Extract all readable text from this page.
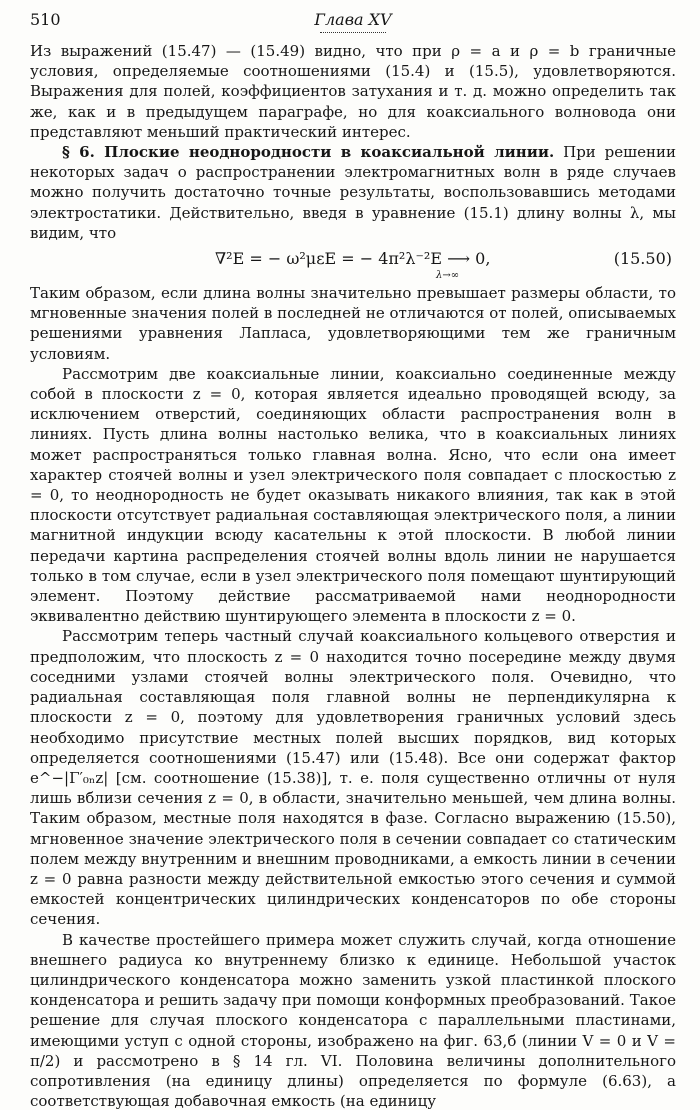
510	Глава XV

Из выражений (15.47) — (15.49) видно, что при ρ = a и ρ = b граничные условия, определяемые соотношениями (15.4) и (15.5), удовлетворяются. Выражения для полей, коэффициентов затухания и т. д. можно определить так же, как и в предыдущем параграфе, но для коаксиального волновода они представляют меньший практический интерес.

§ 6. Плоские неоднородности в коаксиальной линии. При решении некоторых задач о распространении электромагнитных волн в ряде случаев можно получить достаточно точные результаты, воспользовавшись методами электростатики. Действительно, введя в уравнение (15.1) длину волны λ, мы видим, что

∇²E = − ω²μεE = − 4π²λ⁻²E ⟶ 0,
λ→∞
(15.50)

Таким образом, если длина волны значительно превышает размеры области, то мгновенные значения полей в последней не отличаются от полей, описываемых решениями уравнения Лапласа, удовлетворяющими тем же граничным условиям.

Рассмотрим две коаксиальные линии, коаксиально соединенные между собой в плоскости z = 0, которая является идеально проводящей всюду, за исключением отверстий, соединяющих области распространения волн в линиях. Пусть длина волны настолько велика, что в коаксиальных линиях может распространяться только главная волна. Ясно, что если она имеет характер стоячей волны и узел электрического поля совпадает с плоскостью z = 0, то неоднородность не будет оказывать никакого влияния, так как в этой плоскости отсутствует радиальная составляющая электрического поля, а линии магнитной индукции всюду касательны к этой плоскости. В любой линии передачи картина распределения стоячей волны вдоль линии не нарушается только в том случае, если в узел электрического поля помещают шунтирующий элемент. Поэтому действие рассматриваемой нами неоднородности эквивалентно действию шунтирующего элемента в плоскости z = 0.

Рассмотрим теперь частный случай коаксиального кольцевого отверстия и предположим, что плоскость z = 0 находится точно посередине между двумя соседними узлами стоячей волны электрического поля. Очевидно, что радиальная составляющая поля главной волны не перпендикулярна к плоскости z = 0, поэтому для удовлетворения граничных условий здесь необходимо присутствие местных полей высших порядков, вид которых определяется соотношениями (15.47) или (15.48). Все они содержат фактор e^−|Γ′₀ₙz| [см. соотношение (15.38)], т. е. поля существенно отличны от нуля лишь вблизи сечения z = 0, в области, значительно меньшей, чем длина волны. Таким образом, местные поля находятся в фазе. Согласно выражению (15.50), мгновенное значение электрического поля в сечении совпадает со статическим полем между внутренним и внешним проводниками, а емкость линии в сечении z = 0 равна разности между действительной емкостью этого сечения и суммой емкостей концентрических цилиндрических конденсаторов по обе стороны сечения.

В качестве простейшего примера может служить случай, когда отношение внешнего радиуса ко внутреннему близко к единице. Небольшой участок цилиндрического конденсатора можно заменить узкой пластинкой плоского конденсатора и решить задачу при помощи конформных преобразований. Такое решение для случая плоского конденсатора с параллельными пластинами, имеющими уступ с одной стороны, изображено на фиг. 63,б (линии V = 0 и V = π/2) и рассмотрено в § 14 гл. VI. Половина величины дополнительного сопротивления (на единицу длины) определяется по формуле (6.63), а соответствующая добавочная емкость (на единицу
